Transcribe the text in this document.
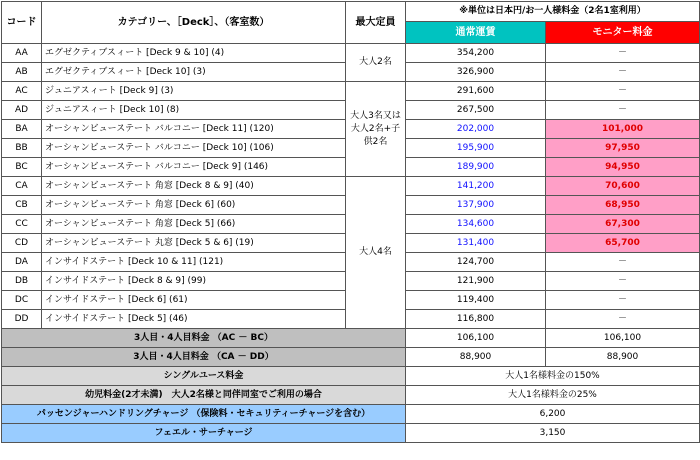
コード	カテゴリー、［Deck］、（客室数）	最大定員	※単位は日本円/お一人様料金（2名1室利用）	
			通常運賃	モニター料金
AA	エグゼクティブスィート [Deck 9 & 10] (4)	大人2名	354,200	－
AB	エグゼクティブスィート [Deck 10] (3)		326,900	－
AC	ジュニアスィート [Deck 9] (3)	大人3名又は大人2名+子供2名	291,600	－
AD	ジュニアスィート [Deck 10] (8)		267,500	－
BA	オーシャンビューステート バルコニー [Deck 11] (120)		202,000	101,000
BB	オーシャンビューステート バルコニー [Deck 10] (106)		195,900	97,950
BC	オーシャンビューステート バルコニー [Deck 9] (146)		189,900	94,950
CA	オーシャンビューステート 角窓 [Deck 8 & 9] (40)	大人4名	141,200	70,600
CB	オーシャンビューステート 角窓 [Deck 6] (60)		137,900	68,950
CC	オーシャンビューステート 角窓 [Deck 5] (66)		134,600	67,300
CD	オーシャンビューステート 丸窓 [Deck 5 & 6] (19)		131,400	65,700
DA	インサイドステート [Deck 10 & 11] (121)		124,700	－
DB	インサイドステート [Deck 8 & 9] (99)		121,900	－
DC	インサイドステート [Deck 6] (61)		119,400	－
DD	インサイドステート [Deck 5] (46)		116,800	－
3人目・4人目料金 （AC － BC）			106,100	106,100
3人目・4人目料金 （CA － DD）			88,900	88,900
シングルユース料金			大人1名様料金の150%	
幼児料金(2才未満)　大人2名様と同伴同室でご利用の場合			大人1名様料金の25%	
パッセンジャーハンドリングチャージ （保険料・セキュリティーチャージを含む）			6,200	
フェエル・サーチャージ			3,150	
